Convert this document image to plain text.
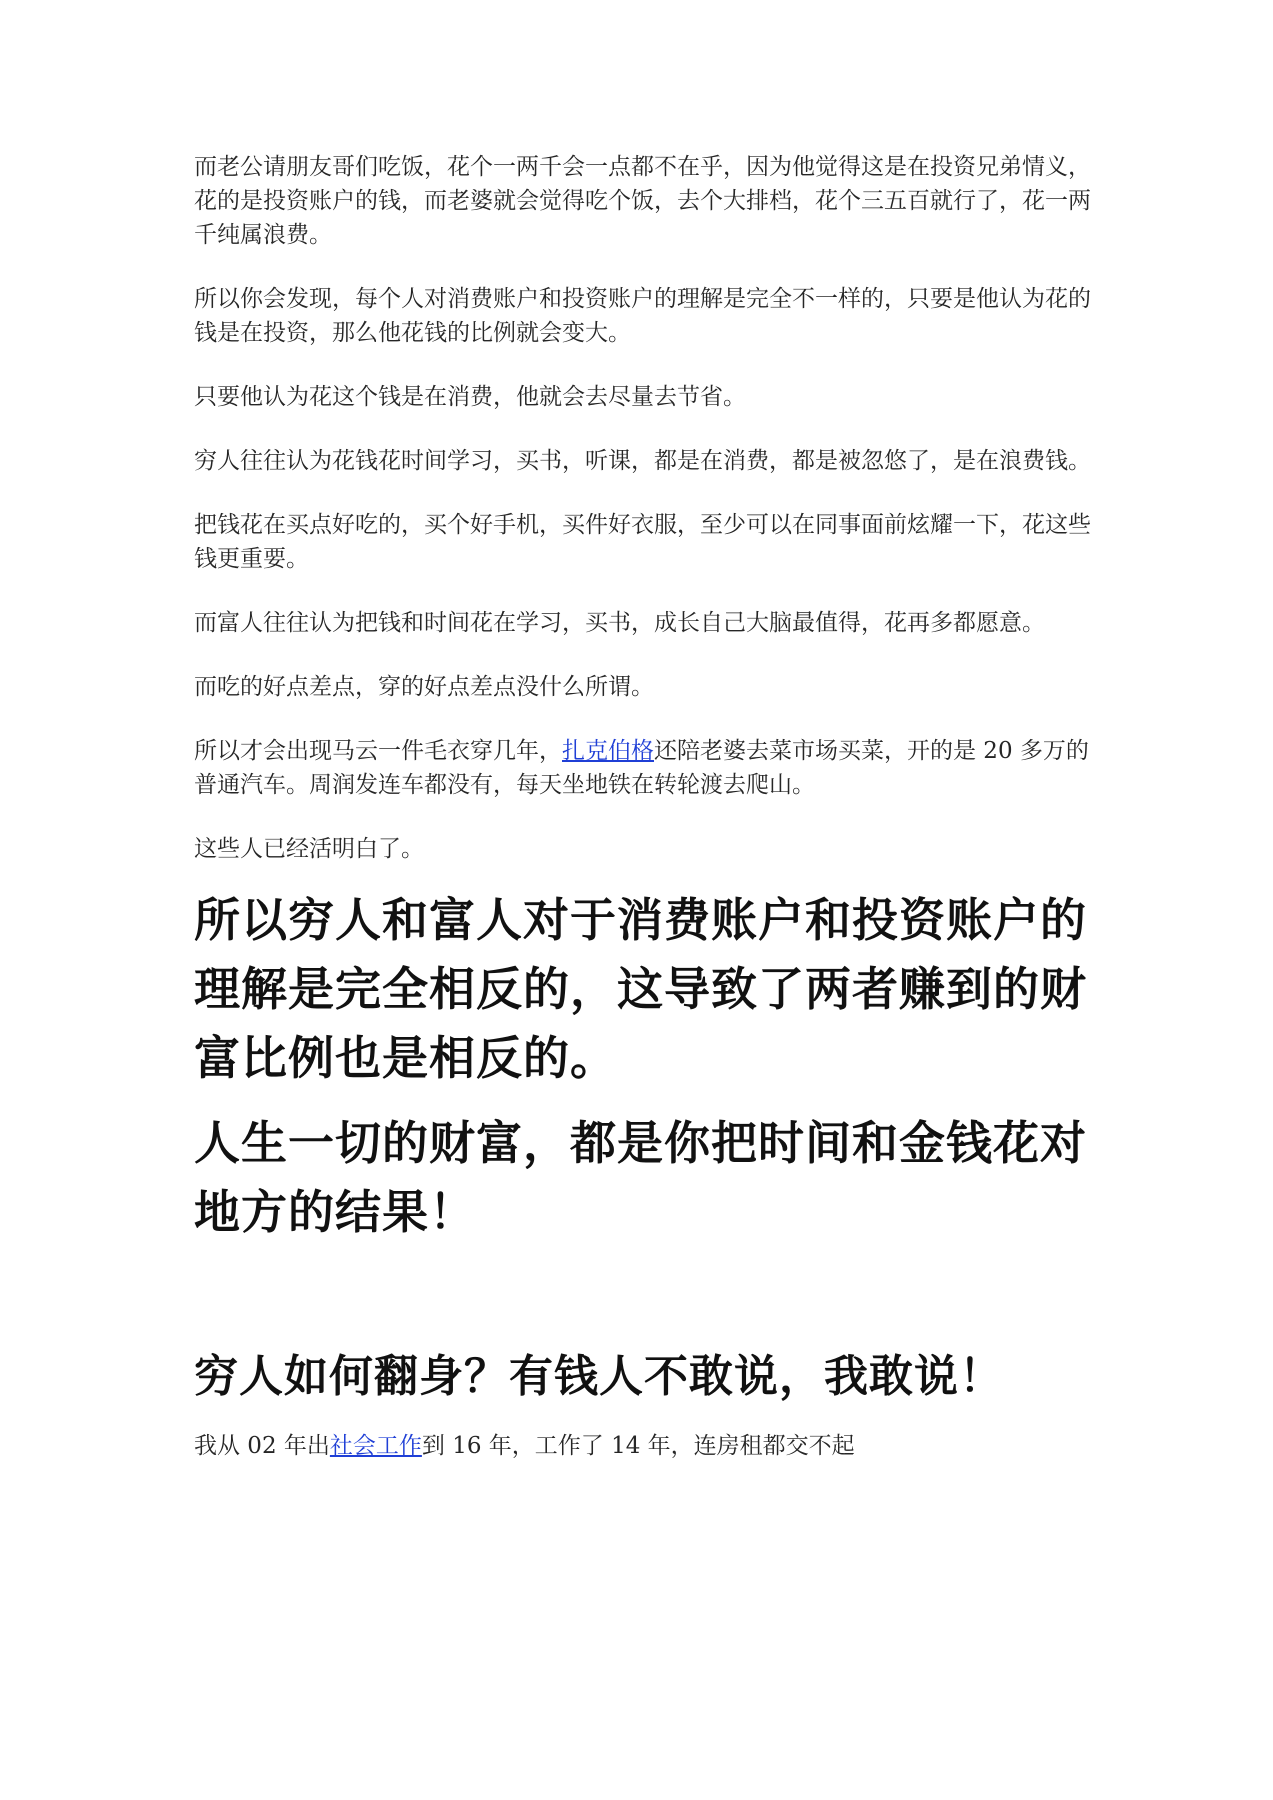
而老公请朋友哥们吃饭，花个一两千会一点都不在乎，因为他觉得这是在投资兄弟情义，花的是投资账户的钱，而老婆就会觉得吃个饭，去个大排档，花个三五百就行了，花一两千纯属浪费。

所以你会发现，每个人对消费账户和投资账户的理解是完全不一样的，只要是他认为花的钱是在投资，那么他花钱的比例就会变大。

只要他认为花这个钱是在消费，他就会去尽量去节省。

穷人往往认为花钱花时间学习，买书，听课，都是在消费，都是被忽悠了，是在浪费钱。

把钱花在买点好吃的，买个好手机，买件好衣服，至少可以在同事面前炫耀一下，花这些钱更重要。

而富人往往认为把钱和时间花在学习，买书，成长自己大脑最值得，花再多都愿意。

而吃的好点差点，穿的好点差点没什么所谓。

所以才会出现马云一件毛衣穿几年，扎克伯格还陪老婆去菜市场买菜，开的是 20 多万的普通汽车。周润发连车都没有，每天坐地铁在转轮渡去爬山。

这些人已经活明白了。

所以穷人和富人对于消费账户和投资账户的理解是完全相反的，这导致了两者赚到的财富比例也是相反的。

人生一切的财富，都是你把时间和金钱花对地方的结果！

穷人如何翻身？有钱人不敢说，我敢说！

我从 02 年出社会工作到 16 年，工作了 14 年，连房租都交不起
